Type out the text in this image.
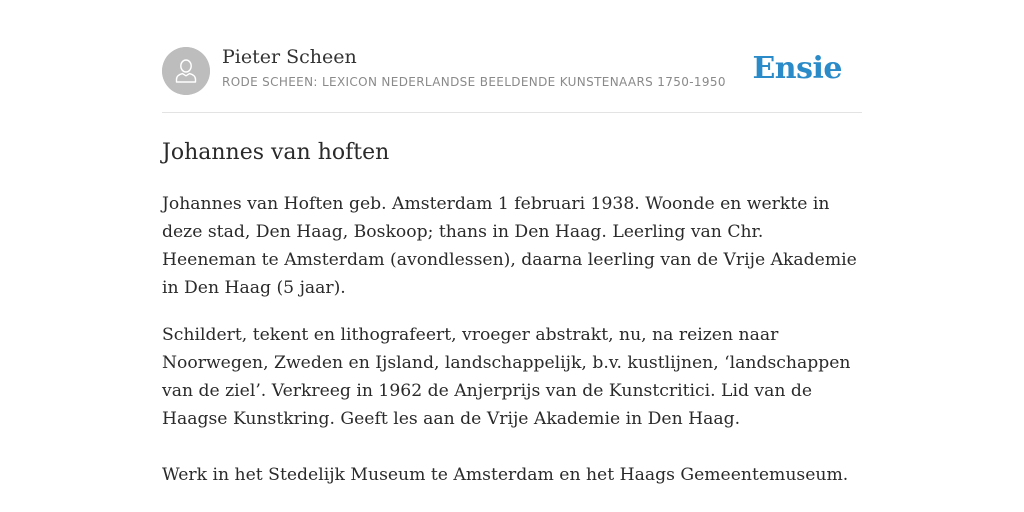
Pieter Scheen
RODE SCHEEN: LEXICON NEDERLANDSE BEELDENDE KUNSTENAARS 1750-1950 Ensie
Johannes van hoften

Johannes van Hoften geb. Amsterdam 1 februari 1938. Woonde en werkte in deze stad, Den Haag, Boskoop; thans in Den Haag. Leerling van Chr. Heeneman te Amsterdam (avondlessen), daarna leerling van de Vrije Akademie in Den Haag (5 jaar).

Schildert, tekent en lithografeert, vroeger abstrakt, nu, na reizen naar Noorwegen, Zweden en Ijsland, landschappelijk, b.v. kustlijnen, ‘landschappen van de ziel’. Verkreeg in 1962 de Anjerprijs van de Kunstcritici. Lid van de Haagse Kunstkring. Geeft les aan de Vrije Akademie in Den Haag.

Werk in het Stedelijk Museum te Amsterdam en het Haags Gemeentemuseum.
